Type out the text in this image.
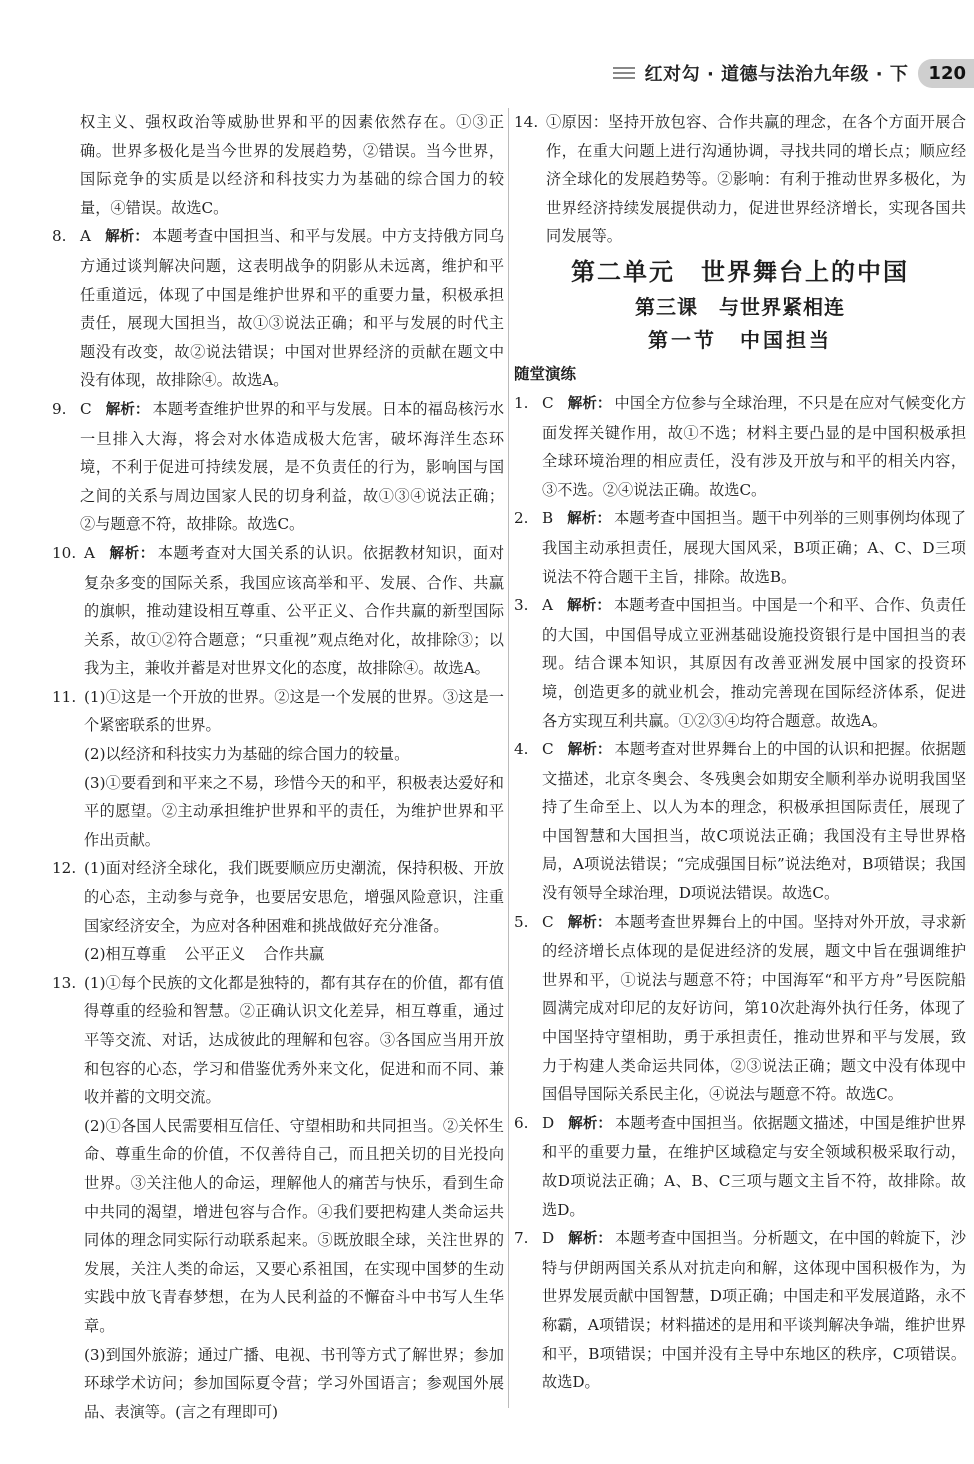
红对勾 · 道德与法治九年级 · 下	120
权主义、强权政治等威胁世界和平的因素依然存在。①③正确。世界多极化是当今世界的发展趋势，②错误。当今世界，国际竞争的实质是以经济和科技实力为基础的综合国力的较量，④错误。故选C。
8. A 解析： 本题考查中国担当、和平与发展。中方支持俄方同乌方通过谈判解决问题，这表明战争的阴影从未远离，维护和平任重道远，体现了中国是维护世界和平的重要力量，积极承担责任，展现大国担当，故①③说法正确；和平与发展的时代主题没有改变，故②说法错误；中国对世界经济的贡献在题文中没有体现，故排除④。故选A。
9. C 解析： 本题考查维护世界的和平与发展。日本的福岛核污水一旦排入大海，将会对水体造成极大危害，破坏海洋生态环境，不利于促进可持续发展，是不负责任的行为，影响国与国之间的关系与周边国家人民的切身利益，故①③④说法正确；②与题意不符，故排除。故选C。
10. A 解析： 本题考查对大国关系的认识。依据教材知识，面对复杂多变的国际关系，我国应该高举和平、发展、合作、共赢的旗帜，推动建设相互尊重、公平正义、合作共赢的新型国际关系，故①②符合题意；“只重视”观点绝对化，故排除③；以我为主，兼收并蓄是对世界文化的态度，故排除④。故选A。
11. (1)①这是一个开放的世界。②这是一个发展的世界。③这是一个紧密联系的世界。
(2)以经济和科技实力为基础的综合国力的较量。
(3)①要看到和平来之不易，珍惜今天的和平，积极表达爱好和平的愿望。②主动承担维护世界和平的责任，为维护世界和平作出贡献。
12. (1)面对经济全球化，我们既要顺应历史潮流，保持积极、开放的心态，主动参与竞争，也要居安思危，增强风险意识，注重国家经济安全，为应对各种困难和挑战做好充分准备。
(2)相互尊重 公平正义 合作共赢
13. (1)①每个民族的文化都是独特的，都有其存在的价值，都有值得尊重的经验和智慧。②正确认识文化差异，相互尊重，通过平等交流、对话，达成彼此的理解和包容。③各国应当用开放和包容的心态，学习和借鉴优秀外来文化，促进和而不同、兼收并蓄的文明交流。
(2)①各国人民需要相互信任、守望相助和共同担当。②关怀生命、尊重生命的价值，不仅善待自己，而且把关切的目光投向世界。③关注他人的命运，理解他人的痛苦与快乐，看到生命中共同的渴望，增进包容与合作。④我们要把构建人类命运共同体的理念同实际行动联系起来。⑤既放眼全球，关注世界的发展，关注人类的命运，又要心系祖国，在实现中国梦的生动实践中放飞青春梦想，在为人民利益的不懈奋斗中书写人生华章。
(3)到国外旅游；通过广播、电视、书刊等方式了解世界；参加环球学术访问；参加国际夏令营；学习外国语言；参观国外展品、表演等。(言之有理即可)
14. ①原因：坚持开放包容、合作共赢的理念，在各个方面开展合作，在重大问题上进行沟通协调，寻找共同的增长点；顺应经济全球化的发展趋势等。②影响：有利于推动世界多极化，为世界经济持续发展提供动力，促进世界经济增长，实现各国共同发展等。
第二单元　世界舞台上的中国
第三课　与世界紧相连
第一节　中国担当
随堂演练
1. C 解析： 中国全方位参与全球治理，不只是在应对气候变化方面发挥关键作用，故①不选；材料主要凸显的是中国积极承担全球环境治理的相应责任，没有涉及开放与和平的相关内容，③不选。②④说法正确。故选C。
2. B 解析： 本题考查中国担当。题干中列举的三则事例均体现了我国主动承担责任，展现大国风采，B项正确；A、C、D三项说法不符合题干主旨，排除。故选B。
3. A 解析： 本题考查中国担当。中国是一个和平、合作、负责任的大国，中国倡导成立亚洲基础设施投资银行是中国担当的表现。结合课本知识，其原因有改善亚洲发展中国家的投资环境，创造更多的就业机会，推动完善现在国际经济体系，促进各方实现互利共赢。①②③④均符合题意。故选A。
4. C 解析： 本题考查对世界舞台上的中国的认识和把握。依据题文描述，北京冬奥会、冬残奥会如期安全顺利举办说明我国坚持了生命至上、以人为本的理念，积极承担国际责任，展现了中国智慧和大国担当，故C项说法正确；我国没有主导世界格局，A项说法错误；“完成强国目标”说法绝对，B项错误；我国没有领导全球治理，D项说法错误。故选C。
5. C 解析： 本题考查世界舞台上的中国。坚持对外开放，寻求新的经济增长点体现的是促进经济的发展，题文中旨在强调维护世界和平，①说法与题意不符；中国海军“和平方舟”号医院船圆满完成对印尼的友好访问，第10次赴海外执行任务，体现了中国坚持守望相助，勇于承担责任，推动世界和平与发展，致力于构建人类命运共同体，②③说法正确；题文中没有体现中国倡导国际关系民主化，④说法与题意不符。故选C。
6. D 解析： 本题考查中国担当。依据题文描述，中国是维护世界和平的重要力量，在维护区域稳定与安全领域积极采取行动，故D项说法正确；A、B、C三项与题文主旨不符，故排除。故选D。
7. D 解析： 本题考查中国担当。分析题文，在中国的斡旋下，沙特与伊朗两国关系从对抗走向和解，这体现中国积极作为，为世界发展贡献中国智慧，D项正确；中国走和平发展道路，永不称霸，A项错误；材料描述的是用和平谈判解决争端，维护世界和平，B项错误；中国并没有主导中东地区的秩序，C项错误。故选D。
